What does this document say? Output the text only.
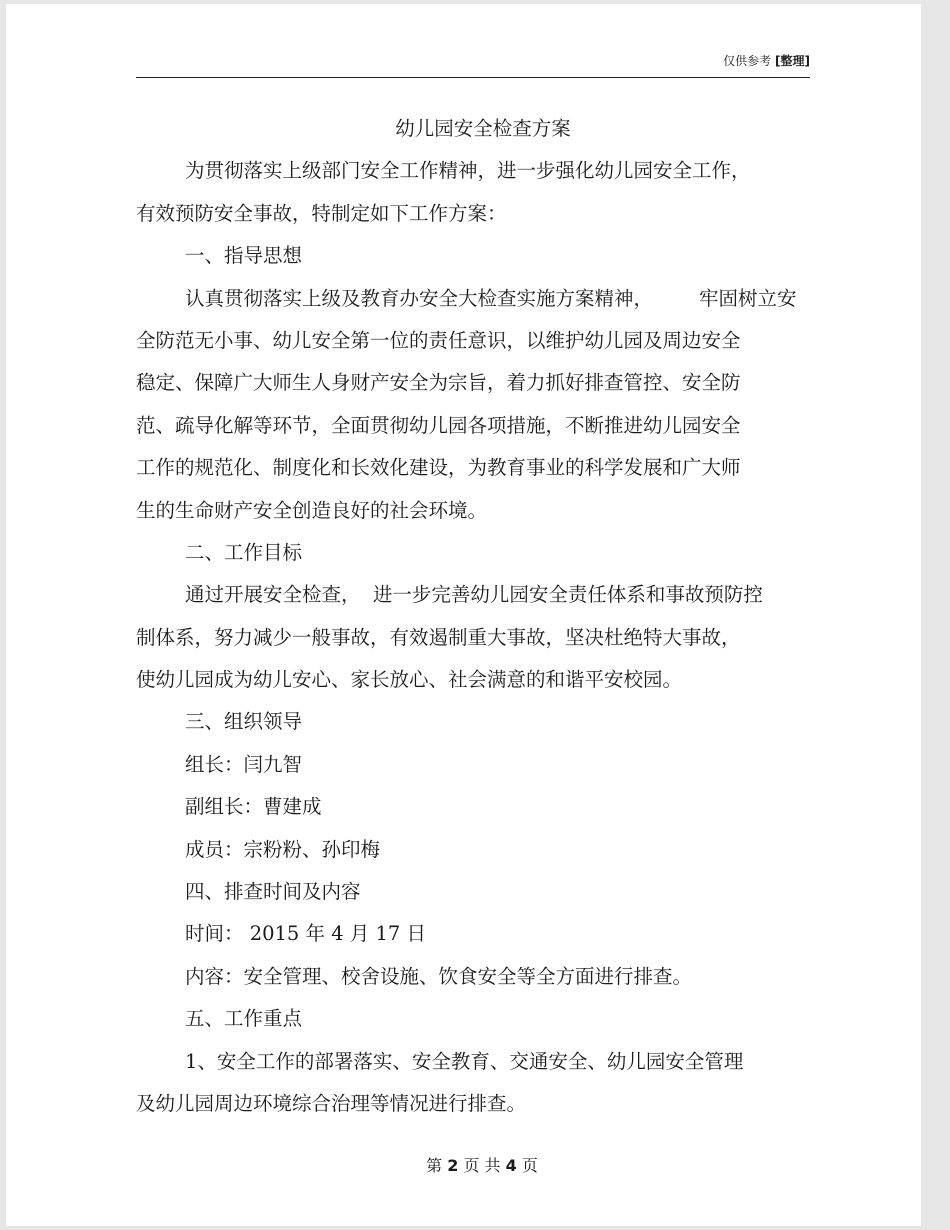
仅供参考 [整理]
幼儿园安全检查方案
为贯彻落实上级部门安全工作精神，进一步强化幼儿园安全工作，
有效预防安全事故，特制定如下工作方案：
一、指导思想
认真贯彻落实上级及教育办安全大检查实施方案精神， 牢固树立安
全防范无小事、幼儿安全第一位的责任意识，以维护幼儿园及周边安全
稳定、保障广大师生人身财产安全为宗旨，着力抓好排查管控、安全防
范、疏导化解等环节，全面贯彻幼儿园各项措施，不断推进幼儿园安全
工作的规范化、制度化和长效化建设，为教育事业的科学发展和广大师
生的生命财产安全创造良好的社会环境。
二、工作目标
通过开展安全检查，  进一步完善幼儿园安全责任体系和事故预防控
制体系，努力减少一般事故，有效遏制重大事故，坚决杜绝特大事故，
使幼儿园成为幼儿安心、家长放心、社会满意的和谐平安校园。
三、组织领导
组长：闫九智
副组长：曹建成
成员：宗粉粉、孙印梅
四、排查时间及内容
时间： 2015 年 4 月 17 日
内容：安全管理、校舍设施、饮食安全等全方面进行排查。
五、工作重点
1、安全工作的部署落实、安全教育、交通安全、幼儿园安全管理
及幼儿园周边环境综合治理等情况进行排查。
第 2 页 共 4 页
